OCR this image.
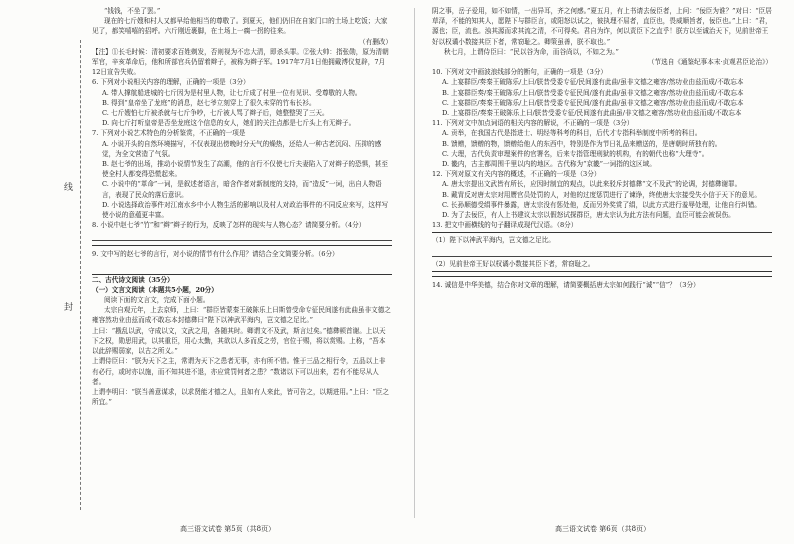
线
封

“钱钱，不坐了罢。”

现在的七斤嫂和村人又都早给他相当的尊敬了。到夏天，他们仍旧在自家门口的土场上吃饭；大家见了，都笑嘻嘻的招呼。六斤刚近裹脚，在土场上一瘸一拐的往来。

（有删改）

【注】①长毛时候：清初要求百姓剃发，否则视为不忠大清，即杀头罪。②张大帅：指张勋，原为清朝军官，辛亥革命后，他和所部官兵仍留着辫子，被称为辫子军。1917年7月1日他拥戴溥仪复辟，7月12日宣告失败。

6. 下列对小说相关内容的理解，正确的一项是（3分）

A. 带人撑航船进城的七斤因为是村里人物，让七斤成了村里一位有见识、受尊敬的人物。

B. 得到“皇帝坐了龙庭”的消息，赵七爷立刻穿上了很久未穿的竹布长衫。

C. 七斤嫂怕七斤被杀就与七斤争吵，七斤被人骂了辫子后，她整整哭了三天。

D. 向七斤打听皇帝是否坐龙庭这个信息的女人，她们的关注点都是七斤头上有无辫子。

7. 下列对小说艺术特色的分析鉴赏，不正确的一项是

A. 小说开头的自然环境描写，不仅表现出傍晚时分天气的燥热，还给人一种古老沉闷、压抑的感觉，为全文营造了气氛。

B. 赵七爷的出场，推动小说情节发生了高潮，他的言行不仅使七斤夫妻陷入了对辫子的恐惧，甚至使全村人都变得恐慌起来。

C. 小说中的“革命”一词，是叙述者语言，暗含作者对新制度的支持，而“造反”一词，出自人物语言，表现了民众的落后意识。

D. 小说选择政治事件对江南水乡中小人物生活的影响以及村人对政治事件的不同反应来写，这样写使小说的意蕴更丰富。

8. 小说中赵七爷“竹”和“辫”辫子的行为，反映了怎样的现实与人物心态？请简要分析。（4分）

9. 文中写的赵七爷的言行，对小说的情节有什么作用？请结合全文简要分析。（6分）

二、古代诗文阅读（35分）

（一）文言文阅读（本题共5小题，20分）

阅读下面的文言文，完成下面小题。

太宗自观元年，上去京师，上曰：“群臣皆蒙秦王破陈乐上曰斯曾受命专征民间遂有此曲虽非文德之雍容然功业由兹而成不敢忘本封德彝曰”陛下以神武平海内，岂文德之足比。”

上曰：“戡乱以武，守成以文，文武之用，各随其时。卿谓文不及武，斯言过矣。”德彝顿首谢。上以天下之权，勋思用武，以其重臣，用心太勤，其欲以人多而反之劳，官位于赐，将以赏赐。上称，“吾本以此辞赐弱家，以古之所义。”

上谓侍臣曰：“朕为天下之主，常谓为天下之患者无事，亦有所不惜。惟于三品之相行令，五品以上非有必行，或时亦以施，而不知其进不退，亦应赏罚何者之患？”数诸以下可以出来，若有不能尽从人者。

上谓李明曰：“朕当善意谋求，以求贤能才德之人，且如有人来此，皆可告之，以期进用。”上曰：“臣之所宜。”

阴之事，岳子爱用，如不如情，一出异耳，齐之何感。”夏五月，有上书请去佞臣者，上问：“佞臣为谁？”对曰：“臣居草泽，不能的知其人，愿陛下与群臣言，或阳怒以试之，彼执理不屈者，直臣也，畏威顺旨者，佞臣也。”上曰：“君，源也；臣，流也。浊其源而求其流之清，不可得矣。君自为诈，何以责臣下之直乎！朕方以至诚治天下，见前世帝王好以权谲小数接其臣下者，常窃耻之。卿策虽善，朕不取也。”

秋七月，上谓侍臣曰：“民以谷为命，而谷尚以，不如之为。”

（节选自《通鉴纪事本末·贞观君臣论治》）

10. 下列对文中画波浪线部分的断句，正确的一项是（3分）

A. 上宴群臣/奏秦王破陈乐/上曰/朕昔受委专征/民间遂有此曲/虽非文德之雍容/然功业由兹而成/不敢忘本

B. 上宴群臣奏/秦王破陈乐/上曰/朕昔受委专征民间/遂有此曲/虽非文德之雍容/然功业由兹而成/不敢忘本

C. 上宴群臣/奏秦王破陈乐/上曰/朕昔受委专征民间/遂有此曲/虽非文德之雍容/然功业由兹而成/不敢忘本

D. 上宴群臣/奏秦王破陈乐上曰/朕昔受委专征/民间遂有此曲虽/非文德之雍容/然功业由兹而成/不敢忘本

11. 下列对文中加点词语的相关内容的解说，不正确的一项是（3分）

A. 贡举，在我国古代是指进士、明经等科考的科目，后代才专指科举制度中所考的科目。

B. 馈赠，馈赠的物，馈赠给他人的东西中，特别是作为节日礼品来赠送的，是唐朝时所独有的。

C. 大理，古代负责审理案件的官署名，后来专指管理刑狱的机构，有的朝代也称“大理寺”。

D. 畿内，古主都周围千里以内的地区。古代称为“京畿”一词指的这区域。

12. 下列对原文有关内容的概述，不正确的一项是（3分）

A. 唐太宗提出文武皆有所长，应因时制宜的观点，以此来驳斥封德彝“文不及武”的论调，封德彝谢罪。

B. 戴胄反对唐太宗对用赝官员处罚的人，对他的过度惩罚进行了谏诤，终使唐太宗接受失小信于天下的意见。

C. 长孙顺德受绢事件暴露，唐太宗没有惩处他，反而另外奖赏了绢，以此方式进行羞辱处理，让他自行纠错。

D. 为了去佞臣，有人上书建议太宗以假怒试探群臣，唐太宗认为此方法有问题，直臣可能会被误伤。

13. 把文中画横线的句子翻译成现代汉语。（8分）

（1）陛下以神武平海内，岂文德之足比。

（2）见前世帝王好以权谲小数接其臣下者，常窃耻之。

14. 诚信是中华美德，结合你对文章的理解，请简要概括唐太宗如何践行“诚”“信”？（3分）

高三语文试卷 第5页（共8页）	高三语文试卷 第6页（共8页）
